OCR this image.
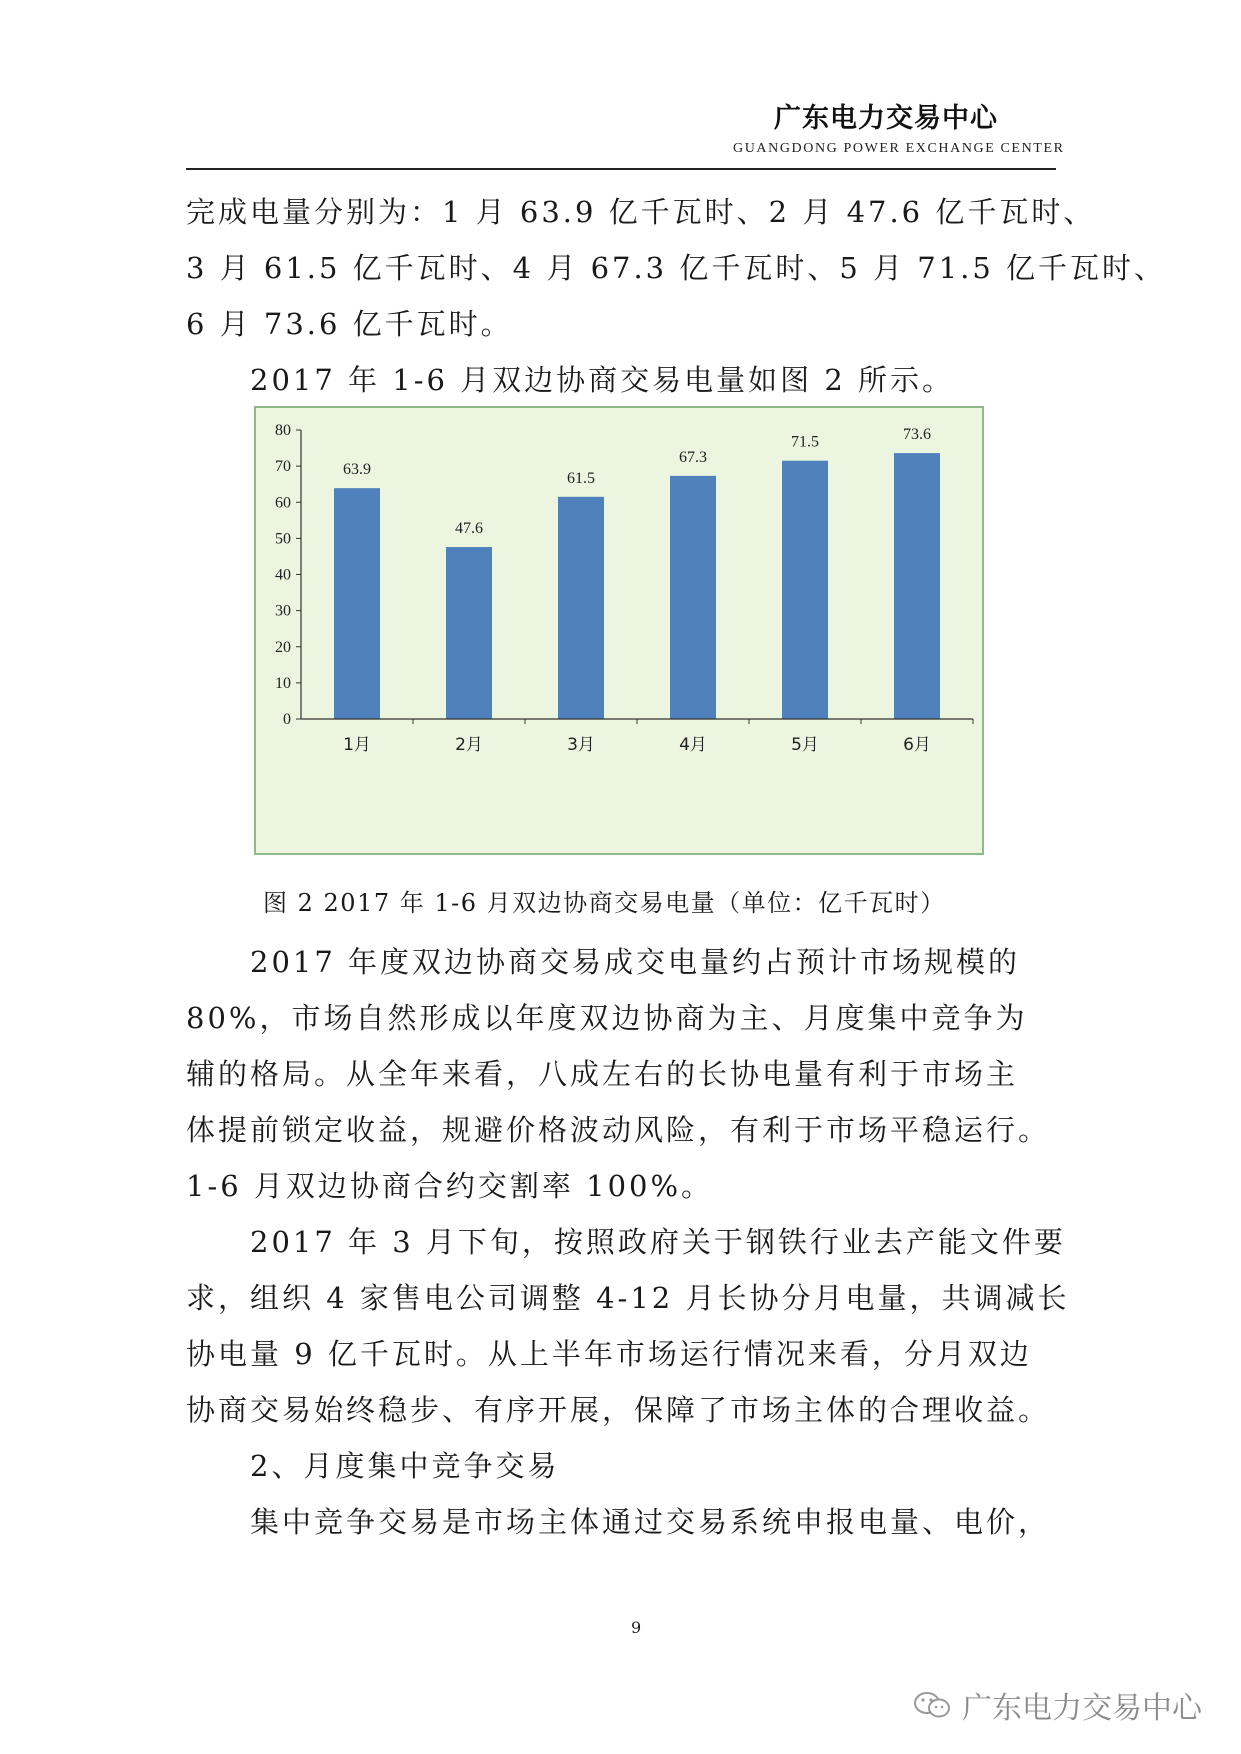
广东电力交易中心
GUANGDONG POWER EXCHANGE CENTER
完成电量分别为：1 月 63.9 亿千瓦时、2 月 47.6 亿千瓦时、
3 月 61.5 亿千瓦时、4 月 67.3 亿千瓦时、5 月 71.5 亿千瓦时、
6 月 73.6 亿千瓦时。
2017 年 1-6 月双边协商交易电量如图 2 所示。
0
10
20
30
40
50
60
70
80
63.9
47.6
61.5
67.3
71.5	73.6
1月	2月	3月	4月	5月	6月
图 2 2017 年 1-6 月双边协商交易电量（单位：亿千瓦时）
2017 年度双边协商交易成交电量约占预计市场规模的
80%，市场自然形成以年度双边协商为主、月度集中竞争为
辅的格局。从全年来看，八成左右的长协电量有利于市场主
体提前锁定收益，规避价格波动风险，有利于市场平稳运行。
1-6 月双边协商合约交割率 100%。
2017 年 3 月下旬，按照政府关于钢铁行业去产能文件要
求，组织 4 家售电公司调整 4-12 月长协分月电量，共调减长
协电量 9 亿千瓦时。从上半年市场运行情况来看，分月双边
协商交易始终稳步、有序开展，保障了市场主体的合理收益。
2、月度集中竞争交易
集中竞争交易是市场主体通过交易系统申报电量、电价，
9
广东电力交易中心
